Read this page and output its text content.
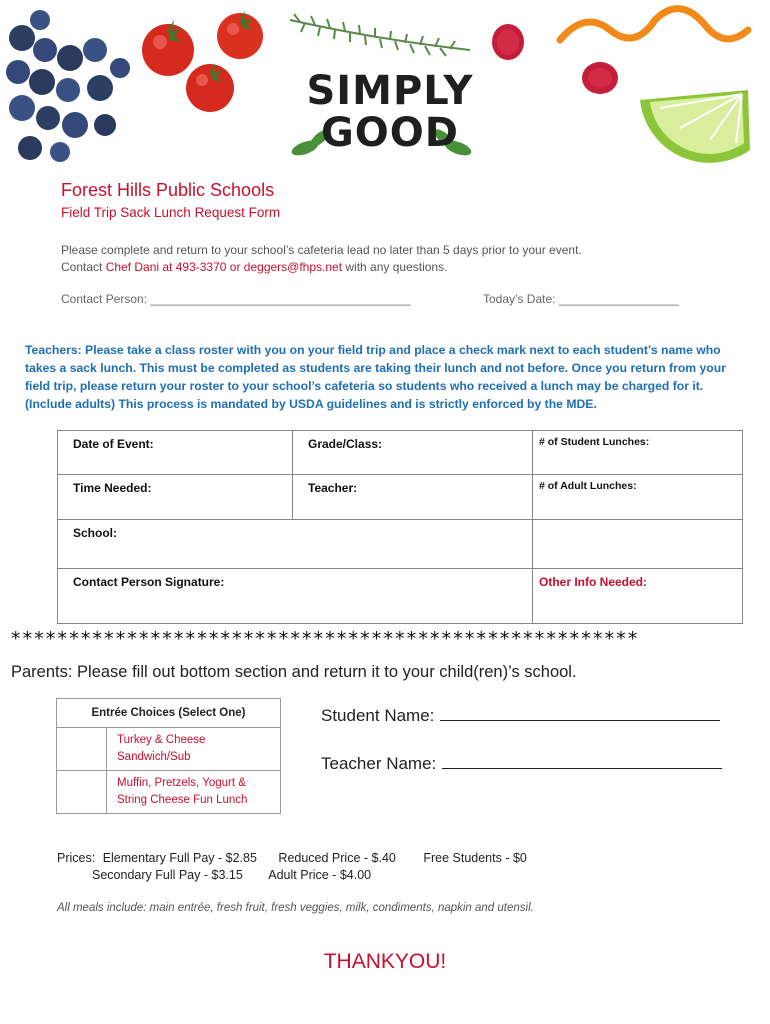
SIMPLY
GOOD
Forest Hills Public Schools
Field Trip Sack Lunch Request Form
Please complete and return to your school’s cafeteria lead no later than 5 days prior to your event.
Contact Chef Dani at 493-3370 or deggers@fhps.net with any questions.
Contact Person: _______________________________________	Today’s Date: __________________
Teachers: Please take a class roster with you on your field trip and place a check mark next to each student’s name who takes a sack lunch. This must be completed as students are taking their lunch and not before. Once you return from your field trip, please return your roster to your school’s cafeteria so students who received a lunch may be charged for it. (Include adults) This process is mandated by USDA guidelines and is strictly enforced by the MDE.
Date of Event:	Grade/Class:	# of Student Lunches:
Time Needed:	Teacher:	# of Adult Lunches:
School:		
Contact Person Signature:		Other Info Needed:
******************************************************
Parents: Please fill out bottom section and return it to your child(ren)’s school.
Entrée Choices (Select One)	

	Turkey & Cheese
Sandwich/Sub

	Muffin, Pretzels, Yogurt &
String Cheese Fun Lunch
Student Name:
Teacher Name:
Prices: Elementary Full Pay - $2.85 Reduced Price - $.40 Free Students - $0
Secondary Full Pay - $3.15 Adult Price - $4.00
All meals include: main entrée, fresh fruit, fresh veggies, milk, condiments, napkin and utensil.
THANKYOU!
